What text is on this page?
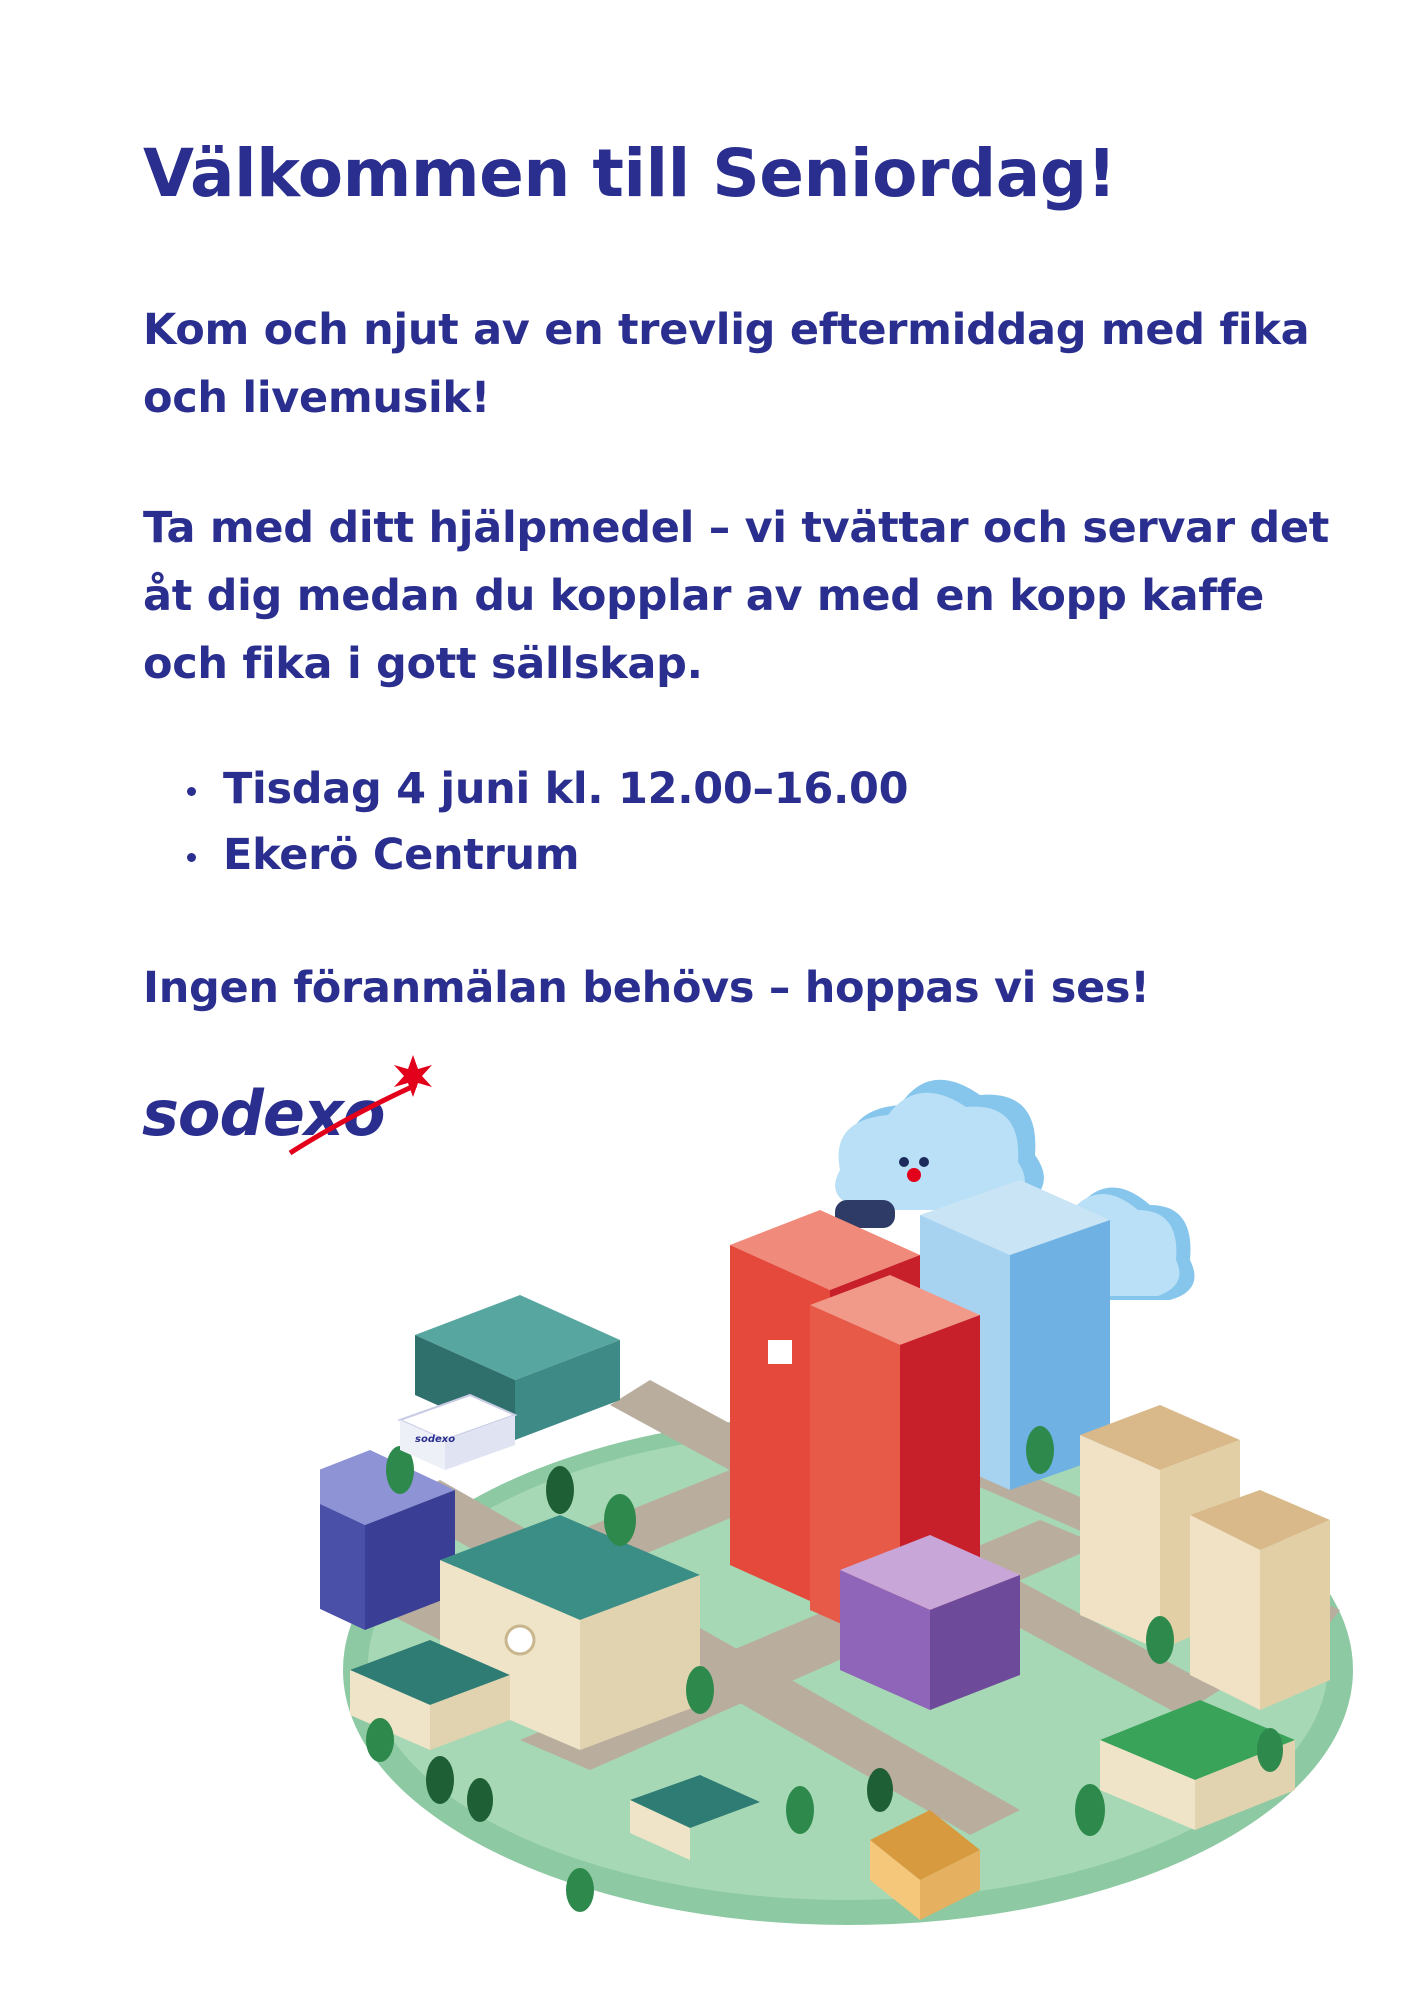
Välkommen till Seniordag!

Kom och njut av en trevlig eftermiddag med fika och livemusik!

Ta med ditt hjälpmedel – vi tvättar och servar det åt dig medan du kopplar av med en kopp kaffe och fika i gott sällskap.

Tisdag 4 juni kl. 12.00–16.00
Ekerö Centrum

Ingen föranmälan behövs – hoppas vi ses!

sodexo
sodexo
